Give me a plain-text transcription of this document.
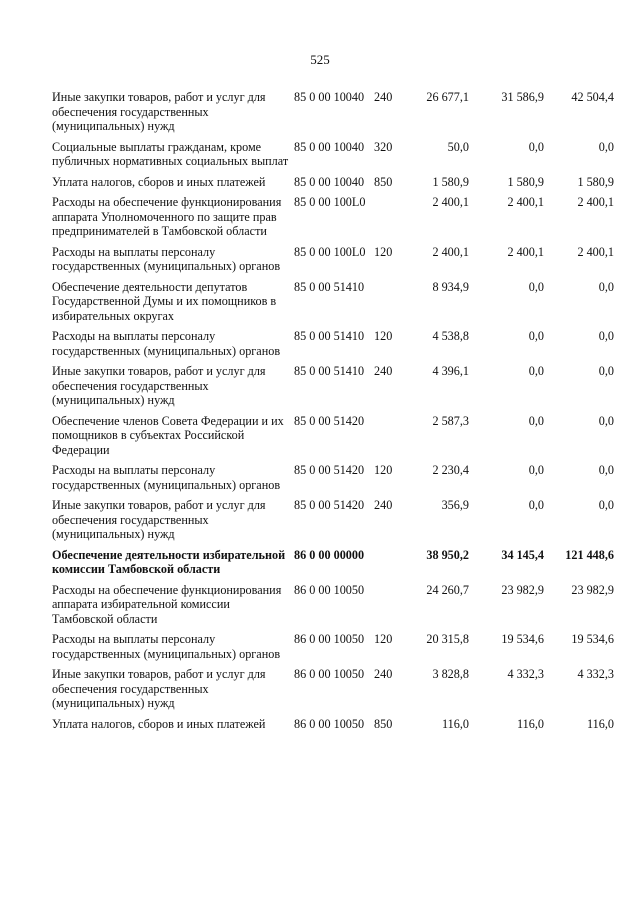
525
Иные закупки товаров, работ и услуг для обеспечения государственных (муниципальных) нужд
85 0 00 10040 240	26 677,1	31 586,9	42 504,4
Социальные выплаты гражданам, кроме публичных нормативных социальных выплат
85 0 00 10040 320	50,0	0,0	0,0
Уплата налогов, сборов и иных платежей	85 0 00 10040 850	1 580,9	1 580,9	1 580,9
Расходы на обеспечение функционирования аппарата Уполномоченного по защите прав предпринимателей в Тамбовской области
85 0 00 100L0	2 400,1	2 400,1	2 400,1
Расходы на выплаты персоналу государственных (муниципальных) органов
85 0 00 100L0 120	2 400,1	2 400,1	2 400,1
Обеспечение деятельности депутатов Государственной Думы и их помощников в избирательных округах
85 0 00 51410	8 934,9	0,0	0,0
Расходы на выплаты персоналу государственных (муниципальных) органов
85 0 00 51410 120	4 538,8	0,0	0,0
Иные закупки товаров, работ и услуг для обеспечения государственных (муниципальных) нужд
85 0 00 51410 240	4 396,1	0,0	0,0
Обеспечение членов Совета Федерации и их помощников в субъектах Российской Федерации
85 0 00 51420	2 587,3	0,0	0,0
Расходы на выплаты персоналу государственных (муниципальных) органов
85 0 00 51420 120	2 230,4	0,0	0,0
Иные закупки товаров, работ и услуг для обеспечения государственных (муниципальных) нужд
85 0 00 51420 240	356,9	0,0	0,0
Обеспечение деятельности избирательной комиссии Тамбовской области
86 0 00 00000	38 950,2	34 145,4	121 448,6
Расходы на обеспечение функционирования аппарата избирательной комиссии Тамбовской области
86 0 00 10050	24 260,7	23 982,9	23 982,9
Расходы на выплаты персоналу государственных (муниципальных) органов
86 0 00 10050 120	20 315,8	19 534,6	19 534,6
Иные закупки товаров, работ и услуг для обеспечения государственных (муниципальных) нужд
86 0 00 10050 240	3 828,8	4 332,3	4 332,3
Уплата налогов, сборов и иных платежей	86 0 00 10050 850	116,0	116,0	116,0
